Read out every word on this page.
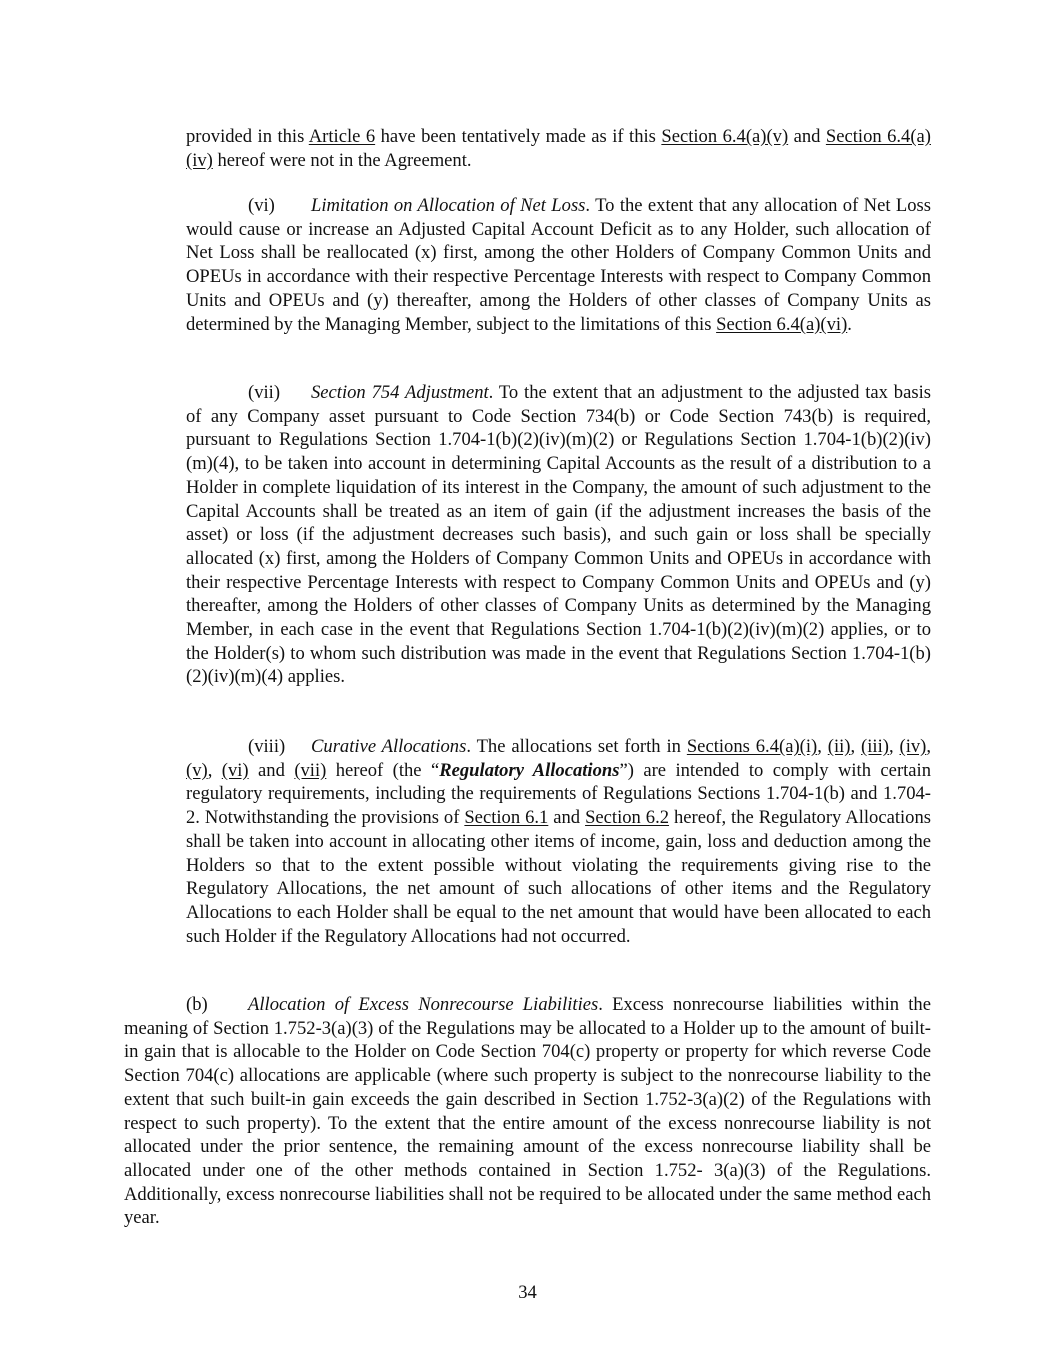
provided in this Article 6 have been tentatively made as if this Section 6.4(a)(v) and Section 6.4(a)(iv) hereof were not in the Agreement.

(vi) Limitation on Allocation of Net Loss. To the extent that any allocation of Net Loss would cause or increase an Adjusted Capital Account Deficit as to any Holder, such allocation of Net Loss shall be reallocated (x) first, among the other Holders of Company Common Units and OPEUs in accordance with their respective Percentage Interests with respect to Company Common Units and OPEUs and (y) thereafter, among the Holders of other classes of Company Units as determined by the Managing Member, subject to the limitations of this Section 6.4(a)(vi).

(vii) Section 754 Adjustment. To the extent that an adjustment to the adjusted tax basis of any Company asset pursuant to Code Section 734(b) or Code Section 743(b) is required, pursuant to Regulations Section 1.704-1(b)(2)(iv)(m)(2) or Regulations Section 1.704-1(b)(2)(iv)(m)(4), to be taken into account in determining Capital Accounts as the result of a distribution to a Holder in complete liquidation of its interest in the Company, the amount of such adjustment to the Capital Accounts shall be treated as an item of gain (if the adjustment increases the basis of the asset) or loss (if the adjustment decreases such basis), and such gain or loss shall be specially allocated (x) first, among the Holders of Company Common Units and OPEUs in accordance with their respective Percentage Interests with respect to Company Common Units and OPEUs and (y) thereafter, among the Holders of other classes of Company Units as determined by the Managing Member, in each case in the event that Regulations Section 1.704-1(b)(2)(iv)(m)(2) applies, or to the Holder(s) to whom such distribution was made in the event that Regulations Section 1.704-1(b)(2)(iv)(m)(4) applies.

(viii) Curative Allocations. The allocations set forth in Sections 6.4(a)(i), (ii), (iii), (iv), (v), (vi) and (vii) hereof (the “Regulatory Allocations”) are intended to comply with certain regulatory requirements, including the requirements of Regulations Sections 1.704-1(b) and 1.704-2. Notwithstanding the provisions of Section 6.1 and Section 6.2 hereof, the Regulatory Allocations shall be taken into account in allocating other items of income, gain, loss and deduction among the Holders so that to the extent possible without violating the requirements giving rise to the Regulatory Allocations, the net amount of such allocations of other items and the Regulatory Allocations to each Holder shall be equal to the net amount that would have been allocated to each such Holder if the Regulatory Allocations had not occurred.

(b) Allocation of Excess Nonrecourse Liabilities. Excess nonrecourse liabilities within the meaning of Section 1.752-3(a)(3) of the Regulations may be allocated to a Holder up to the amount of built-in gain that is allocable to the Holder on Code Section 704(c) property or property for which reverse Code Section 704(c) allocations are applicable (where such property is subject to the nonrecourse liability to the extent that such built-in gain exceeds the gain described in Section 1.752-3(a)(2) of the Regulations with respect to such property). To the extent that the entire amount of the excess nonrecourse liability is not allocated under the prior sentence, the remaining amount of the excess nonrecourse liability shall be allocated under one of the other methods contained in Section 1.752- 3(a)(3) of the Regulations. Additionally, excess nonrecourse liabilities shall not be required to be allocated under the same method each year.

34
